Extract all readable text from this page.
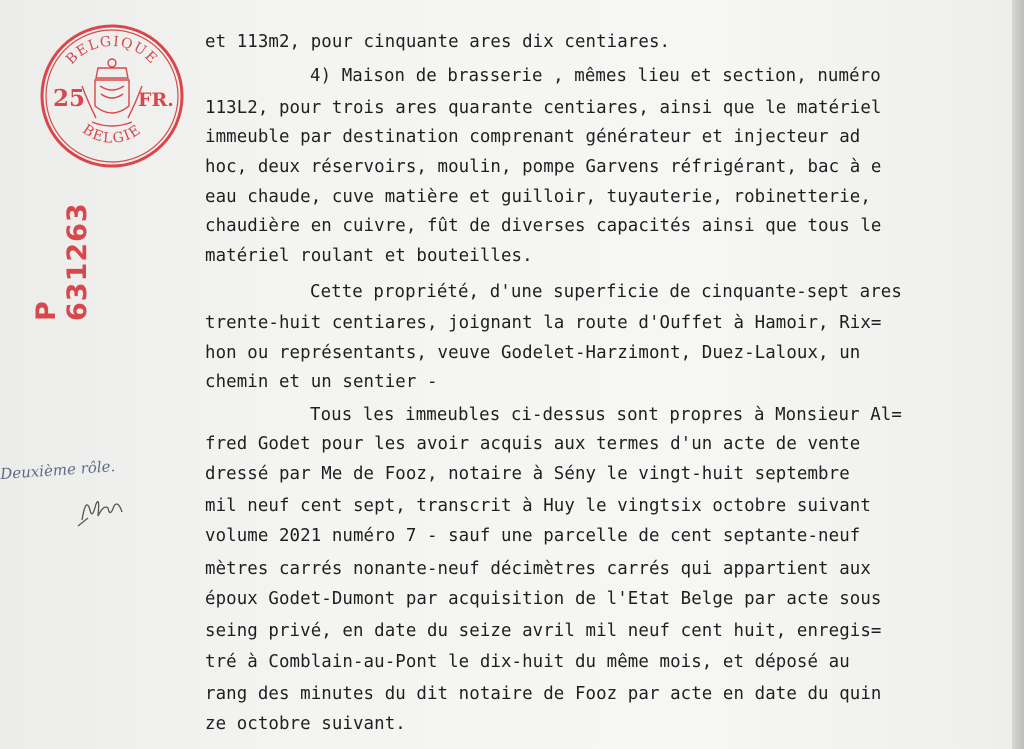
BELGIQUE
BELGIE
25	FR.
P 631263
Deuxième rôle.
et 113m2, pour cinquante ares dix centiares.
4) Maison de brasserie , mêmes lieu et section, numéro
113L2, pour trois ares quarante centiares, ainsi que le matériel
immeuble par destination comprenant générateur et injecteur ad
hoc, deux réservoirs, moulin, pompe Garvens réfrigérant, bac à e
eau chaude, cuve matière et guilloir, tuyauterie, robinetterie,
chaudière en cuivre, fût de diverses capacités ainsi que tous le
matériel roulant et bouteilles.
Cette propriété, d'une superficie de cinquante-sept ares
trente-huit centiares, joignant la route d'Ouffet à Hamoir, Rix=
hon ou représentants, veuve Godelet-Harzimont, Duez-Laloux, un
chemin et un sentier -
Tous les immeubles ci-dessus sont propres à Monsieur Al=
fred Godet pour les avoir acquis aux termes d'un acte de vente
dressé par Me de Fooz, notaire à Sény le vingt-huit septembre
mil neuf cent sept, transcrit à Huy le vingtsix octobre suivant
volume 2021 numéro 7 - sauf une parcelle de cent septante-neuf
mètres carrés nonante-neuf décimètres carrés qui appartient aux
époux Godet-Dumont par acquisition de l'Etat Belge par acte sous
seing privé, en date du seize avril mil neuf cent huit, enregis=
tré à Comblain-au-Pont le dix-huit du même mois, et déposé au
rang des minutes du dit notaire de Fooz par acte en date du quin
ze octobre suivant.
